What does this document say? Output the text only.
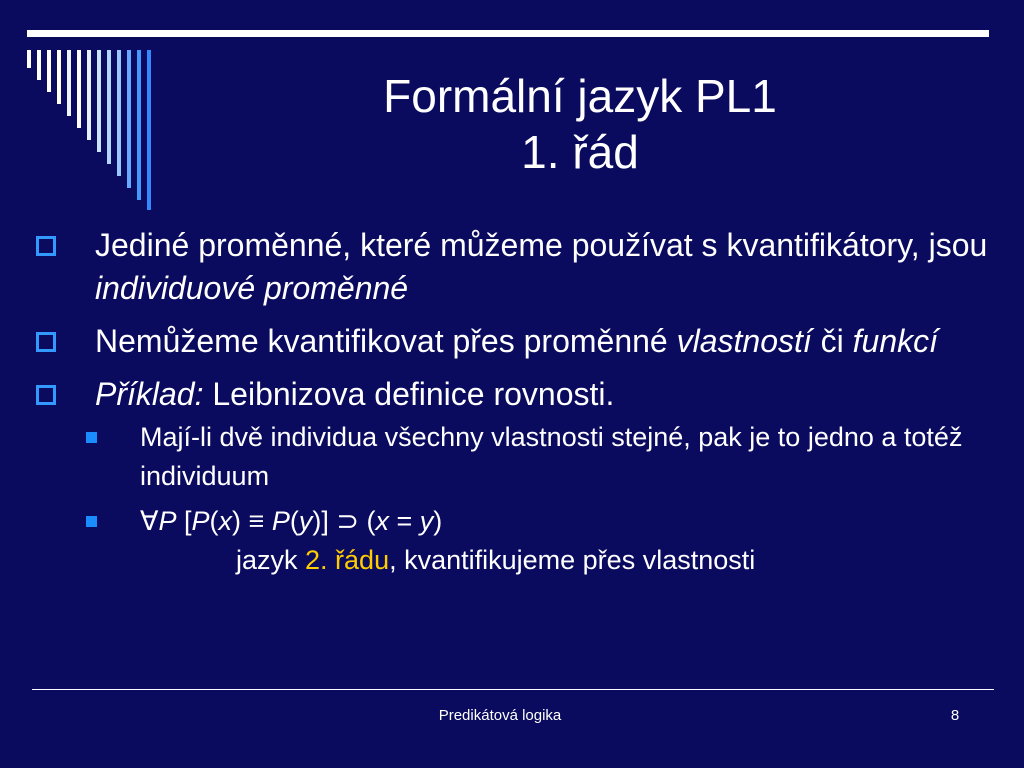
Formální jazyk PL1
1. řád
Jediné proměnné, které můžeme používat s kvantifikátory, jsou individuové proměnné
Nemůžeme kvantifikovat přes proměnné vlastností či funkcí
Příklad: Leibnizova definice rovnosti.
Mají-li dvě individua všechny vlastnosti stejné, pak je to jedno a totéž individuum
∀P [P(x) ≡ P(y)] ⊃ (x = y)
jazyk 2. řádu, kvantifikujeme přes vlastnosti
Predikátová logika	8
